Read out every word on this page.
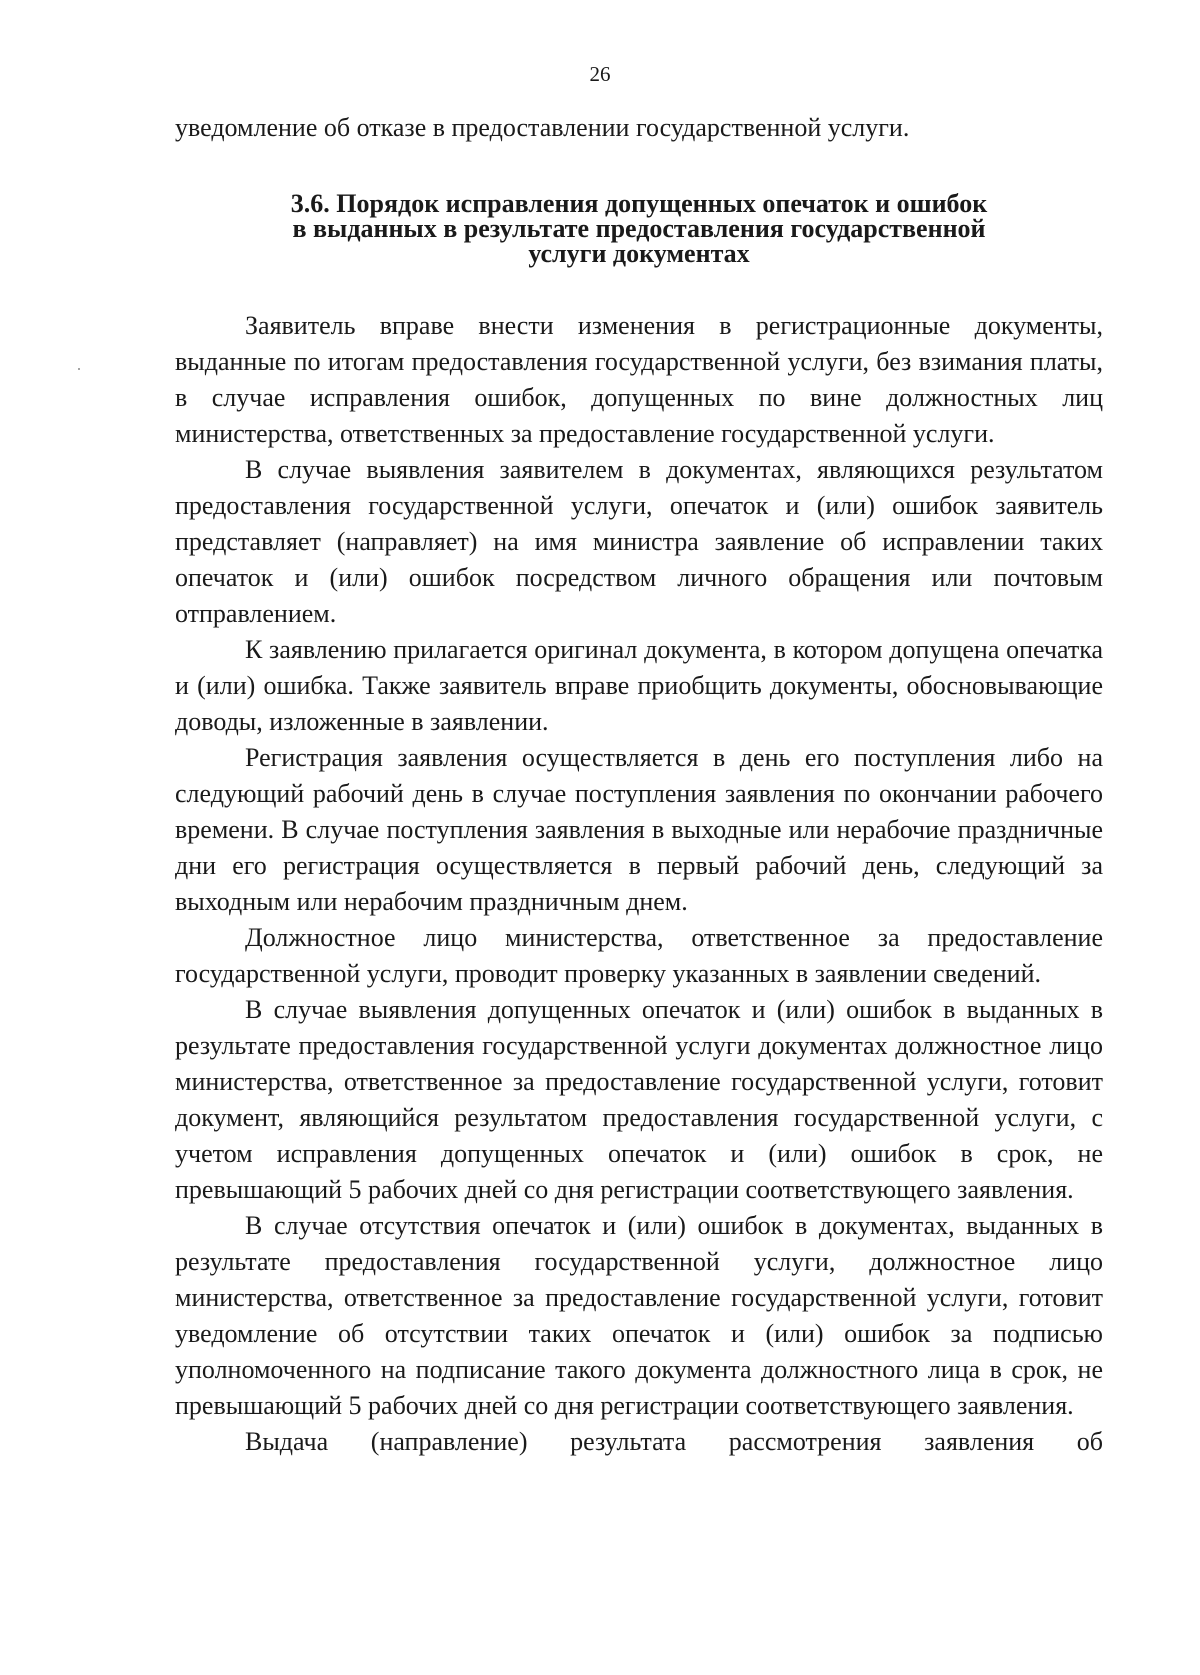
26

уведомление об отказе в предоставлении государственной услуги.

3.6. Порядок исправления допущенных опечаток и ошибок
в выданных в результате предоставления государственной
услуги документах

Заявитель вправе внести изменения в регистрационные документы, выданные по итогам предоставления государственной услуги, без взимания платы, в случае исправления ошибок, допущенных по вине должностных лиц министерства, ответственных за предоставление государственной услуги.

В случае выявления заявителем в документах, являющихся результатом предоставления государственной услуги, опечаток и (или) ошибок заявитель представляет (направляет) на имя министра заявление об исправлении таких опечаток и (или) ошибок посредством личного обращения или почтовым отправлением.

К заявлению прилагается оригинал документа, в котором допущена опечатка и (или) ошибка. Также заявитель вправе приобщить документы, обосновывающие доводы, изложенные в заявлении.

Регистрация заявления осуществляется в день его поступления либо на следующий рабочий день в случае поступления заявления по окончании рабочего времени. В случае поступления заявления в выходные или нерабочие праздничные дни его регистрация осуществляется в первый рабочий день, следующий за выходным или нерабочим праздничным днем.

Должностное лицо министерства, ответственное за предоставление государственной услуги, проводит проверку указанных в заявлении сведений.

В случае выявления допущенных опечаток и (или) ошибок в выданных в результате предоставления государственной услуги документах должностное лицо министерства, ответственное за предоставление государственной услуги, готовит документ, являющийся результатом предоставления государственной услуги, с учетом исправления допущенных опечаток и (или) ошибок в срок, не превышающий 5 рабочих дней со дня регистрации соответствующего заявления.

В случае отсутствия опечаток и (или) ошибок в документах, выданных в результате предоставления государственной услуги, должностное лицо министерства, ответственное за предоставление государственной услуги, готовит уведомление об отсутствии таких опечаток и (или) ошибок за подписью уполномоченного на подписание такого документа должностного лица в срок, не превышающий 5 рабочих дней со дня регистрации соответствующего заявления.

Выдача (направление) результата рассмотрения заявления об
